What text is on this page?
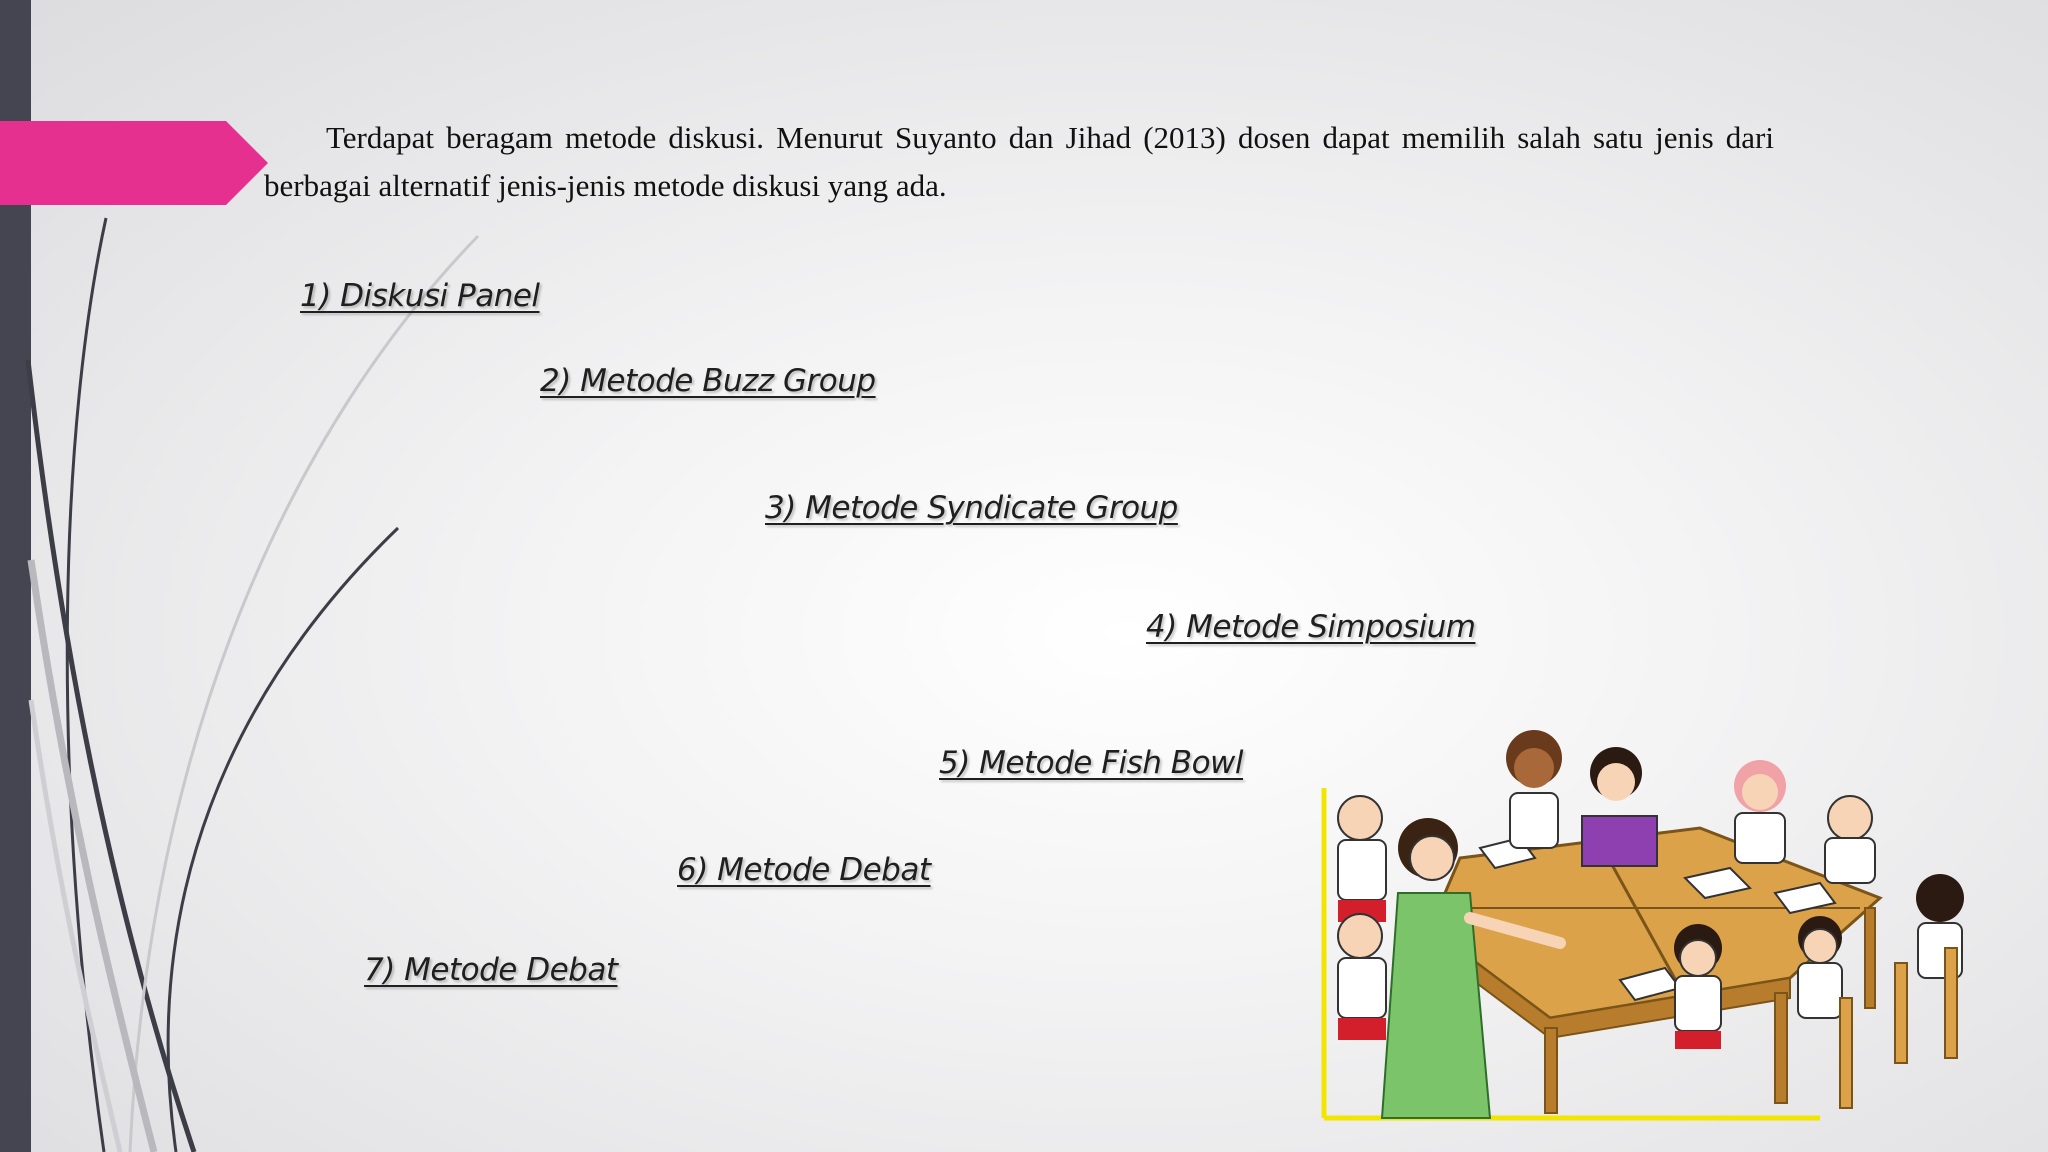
Terdapat beragam metode diskusi. Menurut Suyanto dan Jihad (2013) dosen dapat memilih salah satu jenis dari berbagai alternatif jenis-jenis metode diskusi yang ada.
1) Diskusi Panel
2) Metode Buzz Group
3) Metode Syndicate Group
4) Metode Simposium
5) Metode Fish Bowl
6) Metode Debat
7) Metode Debat
